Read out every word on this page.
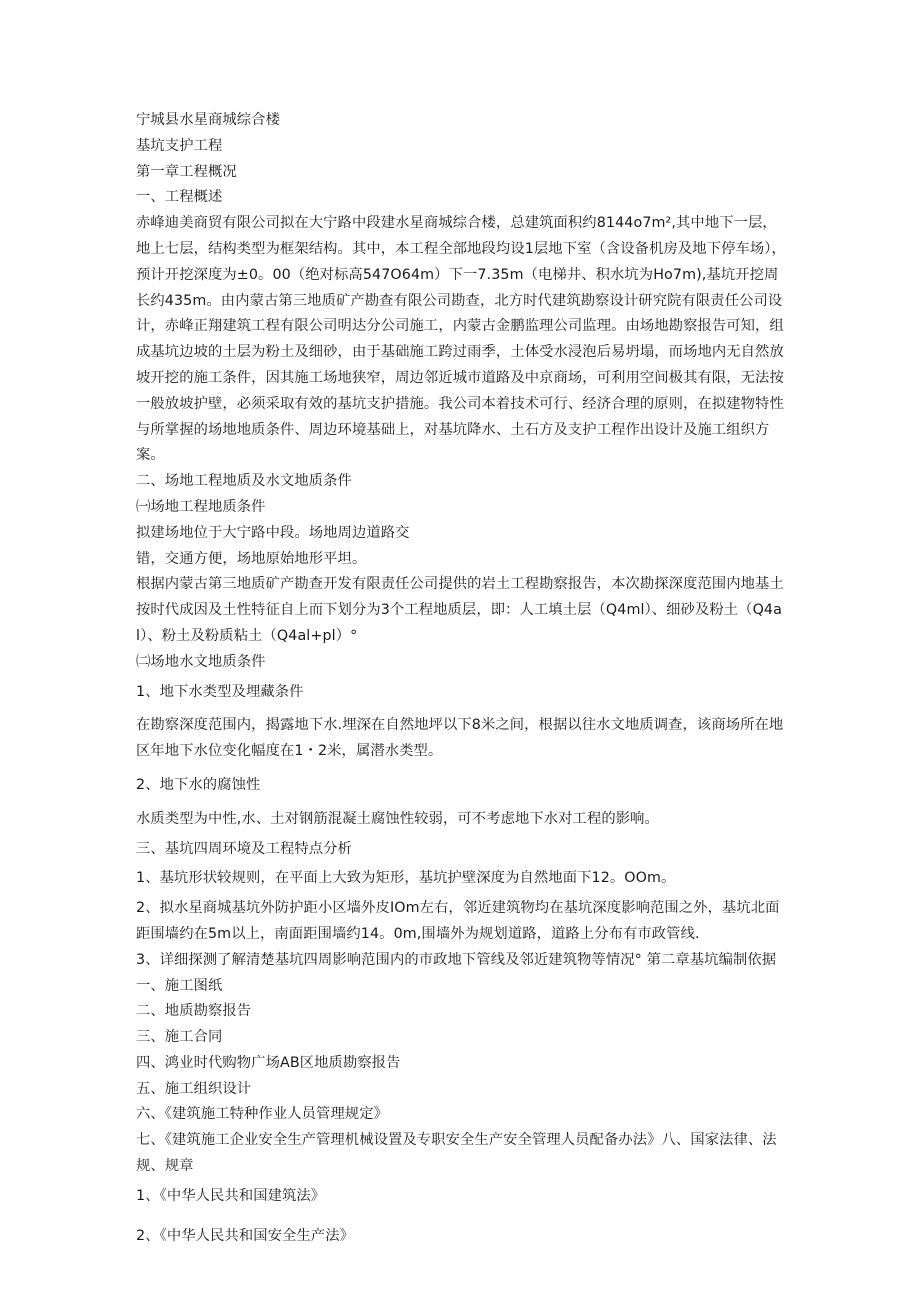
宁城县水星商城综合楼

基坑支护工程

第一章工程概况

一、工程概述

赤峰迪美商贸有限公司拟在大宁路中段建水星商城综合楼，总建筑面积约8144o7m²,其中地下一层，地上七层，结构类型为框架结构。其中，本工程全部地段均设1层地下室（含设备机房及地下停车场），预计开挖深度为±0。00（绝对标高547O64m）下一7.35m（电梯井、积水坑为Ho7m),基坑开挖周长约435m。由内蒙古第三地质矿产勘查有限公司勘查，北方时代建筑勘察设计研究院有限责任公司设计，赤峰正翔建筑工程有限公司明达分公司施工，内蒙古金鹏监理公司监理。由场地勘察报告可知，组成基坑边坡的土层为粉土及细砂，由于基础施工跨过雨季，土体受水浸泡后易坍塌，而场地内无自然放坡开挖的施工条件，因其施工场地狭窄，周边邻近城市道路及中京商场，可利用空间极其有限，无法按一般放坡护壁，必须采取有效的基坑支护措施。我公司本着技术可行、经济合理的原则，在拟建物特性与所掌握的场地地质条件、周边环境基础上，对基坑降水、土石方及支护工程作出设计及施工组织方案。

二、场地工程地质及水文地质条件

㈠场地工程地质条件

拟建场地位于大宁路中段。场地周边道路交

错，交通方便，场地原始地形平坦。

根据内蒙古第三地质矿产勘查开发有限责任公司提供的岩土工程勘察报告，本次勘探深度范围内地基土按时代成因及土性特征自上而下划分为3个工程地质层，即：人工填土层（Q4ml）、细砂及粉土（Q4al）、粉土及粉质粘土（Q4al+pl）°

㈡场地水文地质条件

1、地下水类型及埋藏条件

在勘察深度范围内，揭露地下水.埋深在自然地坪以下8米之间，根据以往水文地质调查，该商场所在地区年地下水位变化幅度在1・2米，属潜水类型。

2、地下水的腐蚀性

水质类型为中性,水、土对钢筋混凝土腐蚀性较弱，可不考虑地下水对工程的影响。

三、基坑四周环境及工程特点分析

1、基坑形状较规则，在平面上大致为矩形，基坑护壁深度为自然地面下12。OOm。

2、拟水星商城基坑外防护距小区墙外皮IOm左右，邻近建筑物均在基坑深度影响范围之外，基坑北面距围墙约在5m以上，南面距围墙约14。0m,围墙外为规划道路，道路上分布有市政管线.

3、详细探测了解清楚基坑四周影响范围内的市政地下管线及邻近建筑物等情况° 第二章基坑编制依据

一、施工图纸

二、地质勘察报告

三、施工合同

四、鸿业时代购物广场AB区地质勘察报告

五、施工组织设计

六、《建筑施工特种作业人员管理规定》

七、《建筑施工企业安全生产管理机械设置及专职安全生产安全管理人员配备办法》八、国家法律、法规、规章

1、《中华人民共和国建筑法》

2、《中华人民共和国安全生产法》
